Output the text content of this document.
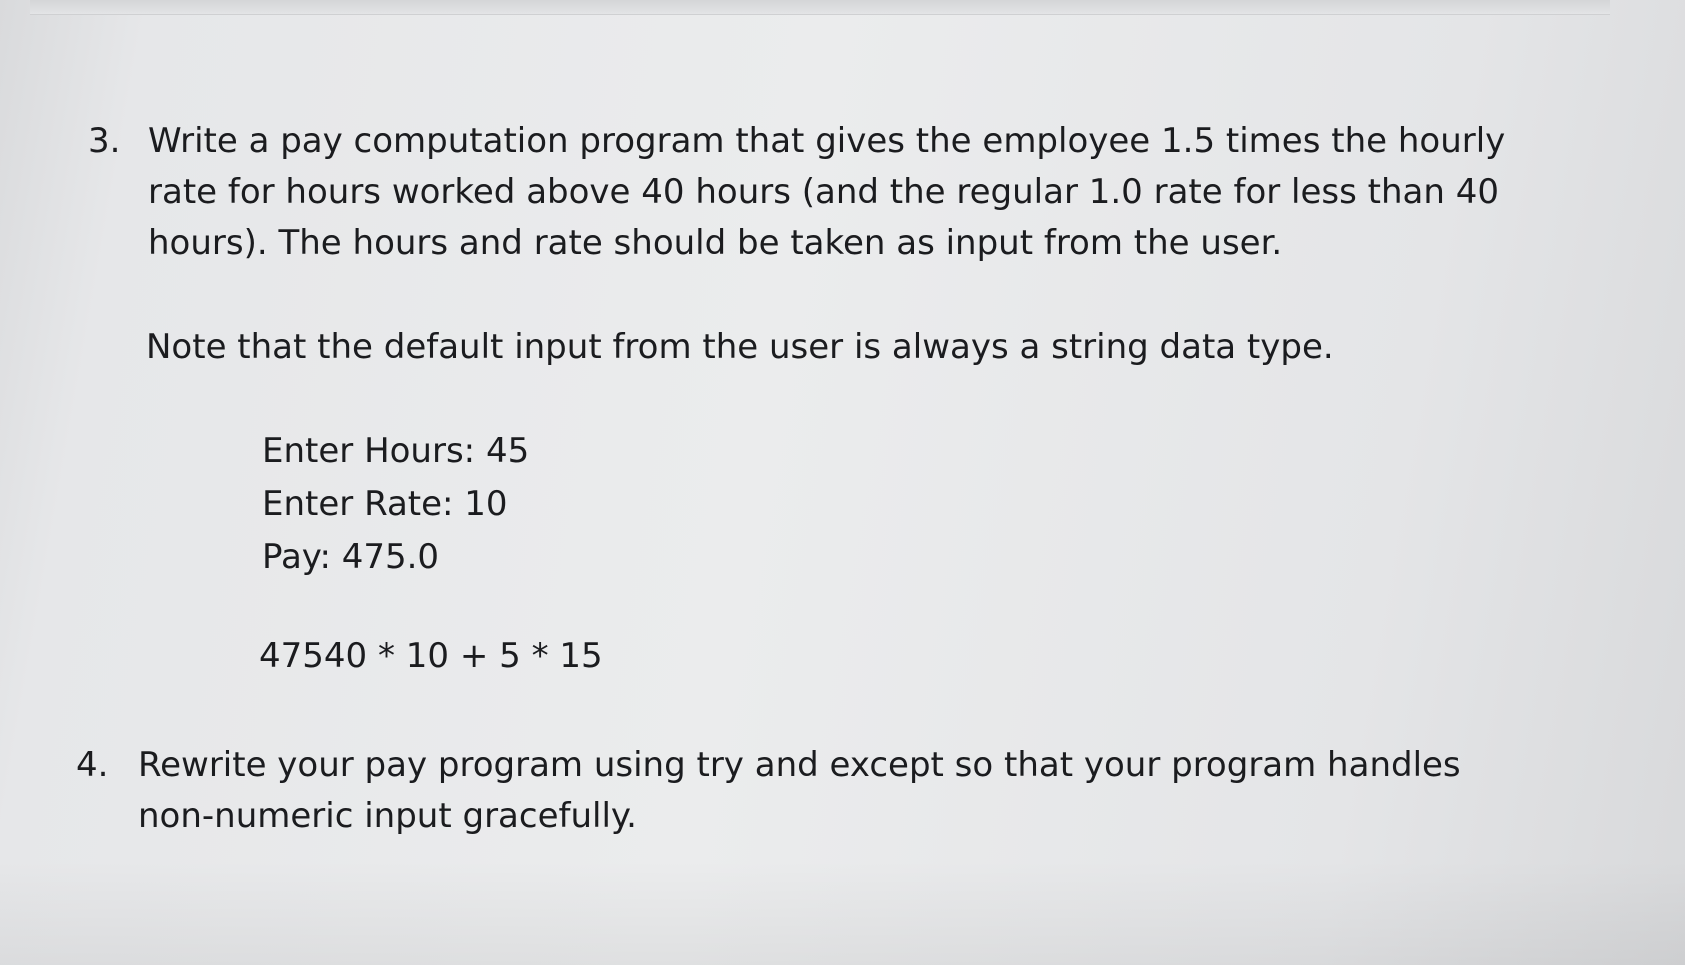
3. Write a pay computation program that gives the employee 1.5 times the hourly
rate for hours worked above 40 hours (and the regular 1.0 rate for less than 40
hours). The hours and rate should be taken as input from the user.
Note that the default input from the user is always a string data type.
Enter Hours: 45
Enter Rate: 10
Pay: 475.0
47540 * 10 + 5 * 15
4. Rewrite your pay program using try and except so that your program handles
non-numeric input gracefully.
